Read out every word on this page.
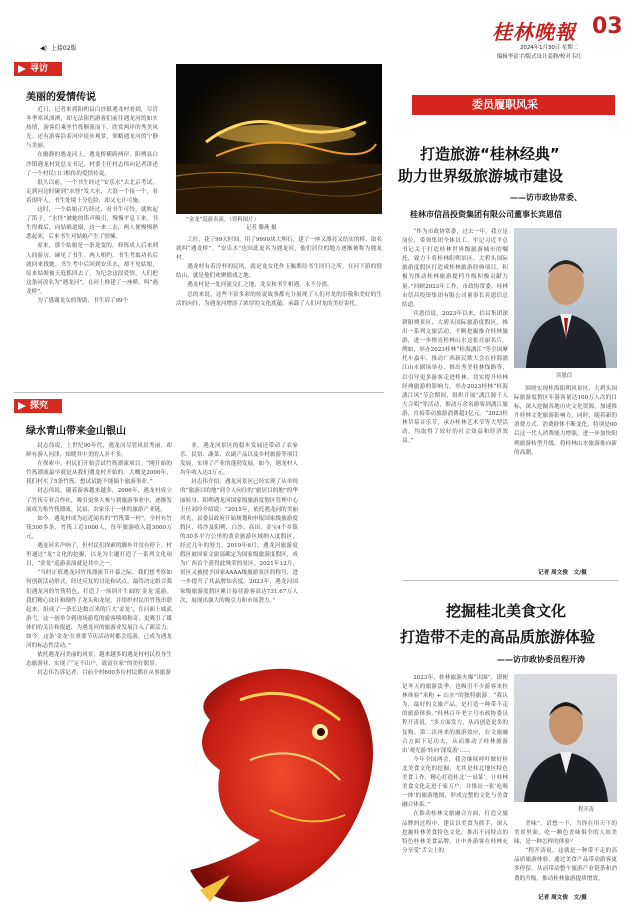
◀) 上接02版
桂林晚報 03
2024年1月30日 星期二
编辑李富宇/版式设计姜静/校对韦红
寻访
美丽的爱情传说

近日，记者来到阳朔县白沙镇遇龙村看到，尽管冬季寒风凛冽，却无法阻挡游客们前往遇龙河的如火热情，游客们乘坐竹筏顺流而下，欣赏两岸的秀美风光。还有游客沿着河岸徒步观景，领略遇龙河的宁静与美丽。

在幽静的遇龙河上，遇龙桥横跨两岸。阳朔县白沙镇遇龙村党总支书记、村委主任村志伟向记者讲述了一个村民口口相传的爱情传说。

很久以前，一个书生经过“安乐水”去北京考试，走到河边时碰到“水怪”发大水，大浪一个接一个，看着很吓人，书生处境十分危险，却又无计可施。

这时，一个姑娘正巧经过，看书生可怜，就吹起了笛子，“水怪”被她的笛声吸引，慢慢平息下来。书生得救后，向姑娘道谢，这一来二去，两人便慢慢熟悉起来，后来书生对姑娘产生了情愫。

原来，那个姑娘是一条龙变的，修炼成人后来到人间游历，碰见了书生。两人相约，书生考取功名后就回来找她。书生考中后回到安乐水，却不见姑娘，原来姑娘被天庭抓回去了。为纪念这段爱情，人们把这条河改名为“遇龙河”，在河上修建了一座桥，叫“遇龙桥”。

为了感谢龙女的帮助，书生请了99个

“金龙”巡游表演。（资料图片）
记者 滕燕 摄

工匠，花了99天时间，用了9999块大理石，建了一座又漂亮又结实的桥，取名就叫“遇龙桥”。“安乐水”也因此更名为遇龙河，他们居住的地方逐渐被称为遇龙村。

遇龙村有着淳朴的民风，就是龙女化作玉佩期待书生回归之所。在河下游的情结山，就是他们欢聚嬉戏之地。

遇龙村是一处河流交汇之地，龙女和书生相遇，永不分离。

总的来说，这些丰富多彩的传说故事都充分展现了人们对龙的崇敬和美好的生活的向往，为遇龙河增添了浓厚的文化底蕴，承载了人们对龙的美好寄托。

探究
绿水青山带来金山银山

封志伟说，上世纪90年代，遇龙河尽管风景秀丽，却鲜有游人问津，知晓其中美的人并不多。

在探索中，村民们开始尝试竹筏漂流项目。“刚开始的竹筏漂流最早就是从我们遇龙村开始的。大概是2000年，我们村买了5条竹筏，想试试能不能搞个旅游事业。”

封志伟说，随着游客越来越多，2006年，遇龙村成立了竹筏专业合作社，吸引更多人参与到旅游事业中，逐渐发展成为集竹筏漂流、民宿、农家乐于一体的旅游产业链。

如今，遇龙村成为远近闻名的“竹筏第一村”，全村有竹筏300多条，竹筏工近1000人，每年旅游收入超3000万元。

遇龙河名声响了，但村民们探索的脚步并没有停下。村里通过“龙”文化的挖掘，以龙为主题打造了一系列文化项目，“金龙”巡游表演就是其中之一。

“当时正值遇龙河竹筏漂流节开幕之际，我们想考察如何创新活动形式，经过反复的讨论和试点，最终决定组合我们遇龙河的竹筏特色，打造了一场别开生面的‘金龙’巡游。我们精心设计和制作了龙头和龙尾，并组织村民用竹筏串联起来，组成了一条长达数百米的巨大‘金龙’，在河面上威武游弋。这一创举令到现场游览的游客啧啧称奇，更吸引了媒体们的关注和报道，为遇龙河的旅游业发展注入了新活力。如今，这条‘金龙’在重要节庆活动时都会巡游，已成为遇龙河的标志性活动。”

依托遇龙河美丽的风景，越来越多的遇龙村村民投身生态旅游业，实现了“足不出户，致富在家”的美好愿景。

封志伟告诉记者，目前全村600多位村民都在从事旅游

业，遇龙河景区的稳步发展还带动了农家乐、民宿、蔬菜、农副产品以及乡村旅游等项目发展，实现了产业的蓬勃发展。如今，遇龙村人均年收入达3万元。

封志伟介绍，遇龙河景区已经实现了从单纯的“旅游目的地”到令人向往的“旅居目的地”的华丽转身。阳朔遇龙河国家级旅游度假区管理中心主任刘玲介绍说：“2015年，依托遇龙河的美丽风光，县委县政府开始规划和申报国家级旅游度假区，将沙及阳朔、白沙、高田、金宝4个乡镇的30多平方公里的黄金旅游区域纳入度假区，经过几年的努力，2019年6月，遇龙河旅游度假区被国家文旅部确定为国家级旅游度假区，成为广西首个获得此殊荣的景区。2021年12月，景区又被授予国家AAAA级旅游景区的称号，进一步提升了其品牌知名度。2023年，遇龙河国家级旅游度假区累计接待游客高达731.67万人次，展现出强大的吸引力和市场潜力。”

委员履职风采
打造旅游“桂林经典”
助力世界级旅游城市建设
——访市政协常委、
桂林市信昌投资集团有限公司董事长宾恩信

“作为市政协常委，过去一年，我立足岗位，带领集团全体员工，牢记习近平总书记关于打造桂林世界级旅游城市的嘱托，致力于将桂林阳朔景区、大碧头国际旅游度假区打造成桂林旅游经典项目，积极为推动桂林旅游提档升级积极贡献力量。”回顾2023年工作，市政协常委、桂林市信昌投资集团有限公司董事长宾恩信总结道。

宾恩信说，2023年以来，信昌集团深耕阳朔景区、大碧头国际旅游度假区，推出一系列文旅活动，不断挖掘推介桂林旅游，进一步擦亮桂林山水这张亮丽名片。例如，举办2023桂林“桂海漓江”等全国摩托车嘉年、推动广西新民歌大会在桂海漓江山水剧场举办、推出秀美桂林线路等，以引导更多游客走进桂林，切实提升桂林经典旅游的影响力。举办2023桂林“桂海漓江风”节会期间，组织开展“漓江源千人大合唱”等活动，推动万余名游客到漓江旅游，直接带动旅游消费超1亿元。“2023桂林草莓音乐节，承办桂林艺术节等大型活动，均取得了较好的社会效益和经济效益。”

宾恩信

围绕实现桂海阳朔风景区、大碧头国际旅游度假区年游客量达100万人次的目标，深入挖掘各地历史文化资源，加速推升桂林文化旅游影响力，同时，随着新的消费方式、消费群体不断变化，特别是00后这一代人消费能力增强，进一步加快阳朔旅游转型升级，将桂林山水旅游推向新的高潮。

记者 周文俊　文/摄
挖掘桂北美食文化
打造带不走的高品质旅游体验
——访市政协委员程开涛

2023年，桂林旅游火爆“出圈”，即便是冬天的旅游淡季，也吸引不少游客来桂林体验“米粉 + 山水”的独特旅游。“我认为，最好的文旅产品，是打造一种带不走的旅游体验。”桂林百年老字号市政协委员程开涛说，“多方面发力，从而创造更多的复购、第二次再来的旅游效应，在文旅融合方面下足功夫，从而推动了桂林旅游由‘观光游’转向‘深度游’……

今年全国两会，我会继续呼吁做好桂北美食文化的挖掘，尤其是桂北地区特色美食工作，精心打造桂北‘一桌菜’，让桂林美食文化走进千家万户，并推出一张‘吃喝一体’的旅游地图，形成完整的文化与美食融合体系。”

在推动桂林文旅融合方面，打造文旅品牌的过程中，建议以美食为抓手，深入挖掘桂林美食特色文化，推出不同特点的特色桂林美食品牌，让中外游客在桂林充分享受“舌尖上的

程开涛

美味”。试想一下，当你在用天下的美景里面，吃一颗色香味俱全的人间美味，是一种怎样的体验？

“程开涛说，这就是一种带不走的高品质旅游体验，通过美食产品带动游客更多停留，从而带动整个旅游产业链条和消费的升级，推动桂林旅游提质增效。

记者 周文俊　文/摄
